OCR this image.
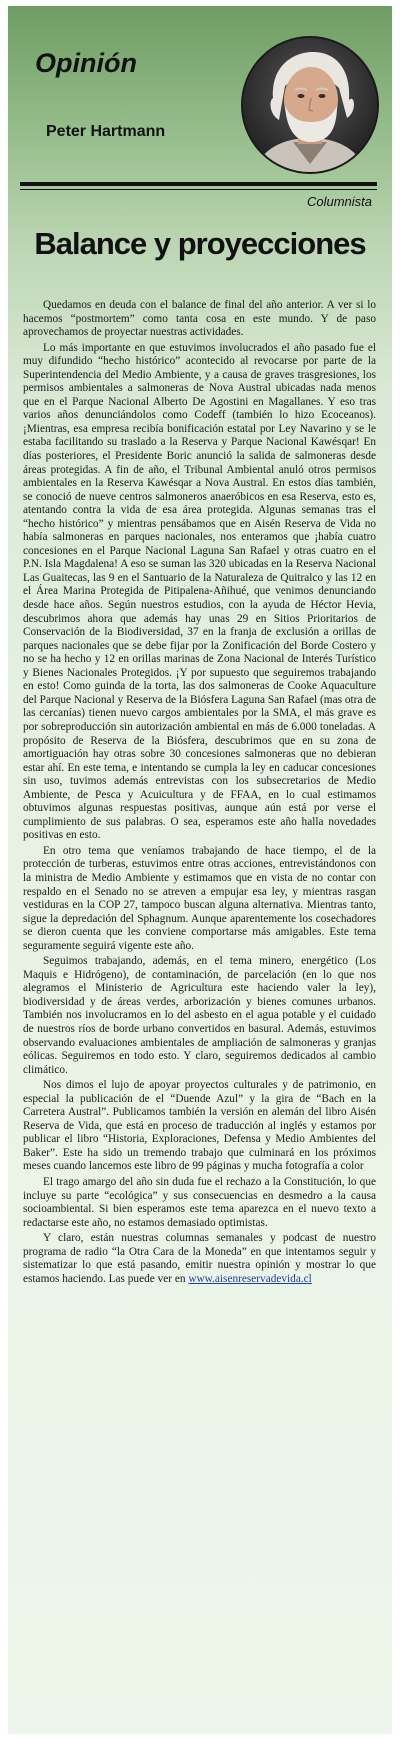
Opinión
Peter Hartmann
Columnista
Balance y proyecciones

Quedamos en deuda con el balance de final del año anterior. A ver si lo hacemos “postmortem” como tanta cosa en este mundo. Y de paso aprovechamos de proyectar nuestras actividades.

Lo más importante en que estuvimos involucrados el año pasado fue el muy difundido “hecho histórico” acontecido al revocarse por parte de la Superintendencia del Medio Ambiente, y a causa de graves trasgresiones, los permisos ambientales a salmoneras de Nova Austral ubicadas nada menos que en el Parque Nacional Alberto De Agostini en Magallanes. Y eso tras varios años denunciándolos como Codeff (también lo hizo Ecoceanos). ¡Mientras, esa empresa recibía bonificación estatal por Ley Navarino y se le estaba facilitando su traslado a la Reserva y Parque Nacional Kawésqar! En días posteriores, el Presidente Boric anunció la salida de salmoneras desde áreas protegidas. A fin de año, el Tribunal Ambiental anuló otros permisos ambientales en la Reserva Kawésqar a Nova Austral. En estos días también, se conoció de nueve centros salmoneros anaeróbicos en esa Reserva, esto es, atentando contra la vida de esa área protegida. Algunas semanas tras el “hecho histórico” y mientras pensábamos que en Aisén Reserva de Vida no había salmoneras en parques nacionales, nos enteramos que ¡había cuatro concesiones en el Parque Nacional Laguna San Rafael y otras cuatro en el P.N. Isla Magdalena! A eso se suman las 320 ubicadas en la Reserva Nacional Las Guaitecas, las 9 en el Santuario de la Naturaleza de Quitralco y las 12 en el Área Marina Protegida de Pitipalena-Añihué, que venimos denunciando desde hace años. Según nuestros estudios, con la ayuda de Héctor Hevia, descubrimos ahora que además hay unas 29 en Sitios Prioritarios de Conservación de la Biodiversidad, 37 en la franja de exclusión a orillas de parques nacionales que se debe fijar por la Zonificación del Borde Costero y no se ha hecho y 12 en orillas marinas de Zona Nacional de Interés Turístico y Bienes Nacionales Protegidos. ¡Y por supuesto que seguiremos trabajando en esto! Como guinda de la torta, las dos salmoneras de Cooke Aquaculture del Parque Nacional y Reserva de la Biósfera Laguna San Rafael (mas otra de las cercanías) tienen nuevo cargos ambientales por la SMA, el más grave es por sobreproducción sin autorización ambiental en más de 6.000 toneladas. A propósito de Reserva de la Biósfera, descubrimos que en su zona de amortiguación hay otras sobre 30 concesiones salmoneras que no debieran estar ahí. En este tema, e intentando se cumpla la ley en caducar concesiones sin uso, tuvimos además entrevistas con los subsecretarios de Medio Ambiente, de Pesca y Acuicultura y de FFAA, en lo cual estimamos obtuvimos algunas respuestas positivas, aunque aún está por verse el cumplimiento de sus palabras. O sea, esperamos este año halla novedades positivas en esto.

En otro tema que veníamos trabajando de hace tiempo, el de la protección de turberas, estuvimos entre otras acciones, entrevistándonos con la ministra de Medio Ambiente y estimamos que en vista de no contar con respaldo en el Senado no se atreven a empujar esa ley, y mientras rasgan vestiduras en la COP 27, tampoco buscan alguna alternativa. Mientras tanto, sigue la depredación del Sphagnum. Aunque aparentemente los cosechadores se dieron cuenta que les conviene comportarse más amigables. Este tema seguramente seguirá vigente este año.

Seguimos trabajando, además, en el tema minero, energético (Los Maquis e Hidrógeno), de contaminación, de parcelación (en lo que nos alegramos el Ministerio de Agricultura este haciendo valer la ley), biodiversidad y de áreas verdes, arborización y bienes comunes urbanos. También nos involucramos en lo del asbesto en el agua potable y el cuidado de nuestros ríos de borde urbano convertidos en basural. Además, estuvimos observando evaluaciones ambientales de ampliación de salmoneras y granjas eólicas. Seguiremos en todo esto. Y claro, seguiremos dedicados al cambio climático.

Nos dimos el lujo de apoyar proyectos culturales y de patrimonio, en especial la publicación de el “Duende Azul” y la gira de “Bach en la Carretera Austral”. Publicamos también la versión en alemán del libro Aisén Reserva de Vida, que está en proceso de traducción al inglés y estamos por publicar el libro “Historia, Exploraciones, Defensa y Medio Ambientes del Baker”. Este ha sido un tremendo trabajo que culminará en los próximos meses cuando lancemos este libro de 99 páginas y mucha fotografía a color

El trago amargo del año sin duda fue el rechazo a la Constitución, lo que incluye su parte “ecológica” y sus consecuencias en desmedro a la causa socioambiental. Si bien esperamos este tema aparezca en el nuevo texto a redactarse este año, no estamos demasiado optimistas.

Y claro, están nuestras columnas semanales y podcast de nuestro programa de radio “la Otra Cara de la Moneda” en que intentamos seguir y sistematizar lo que está pasando, emitir nuestra opinión y mostrar lo que estamos haciendo. Las puede ver en www.aisenreservadevida.cl
